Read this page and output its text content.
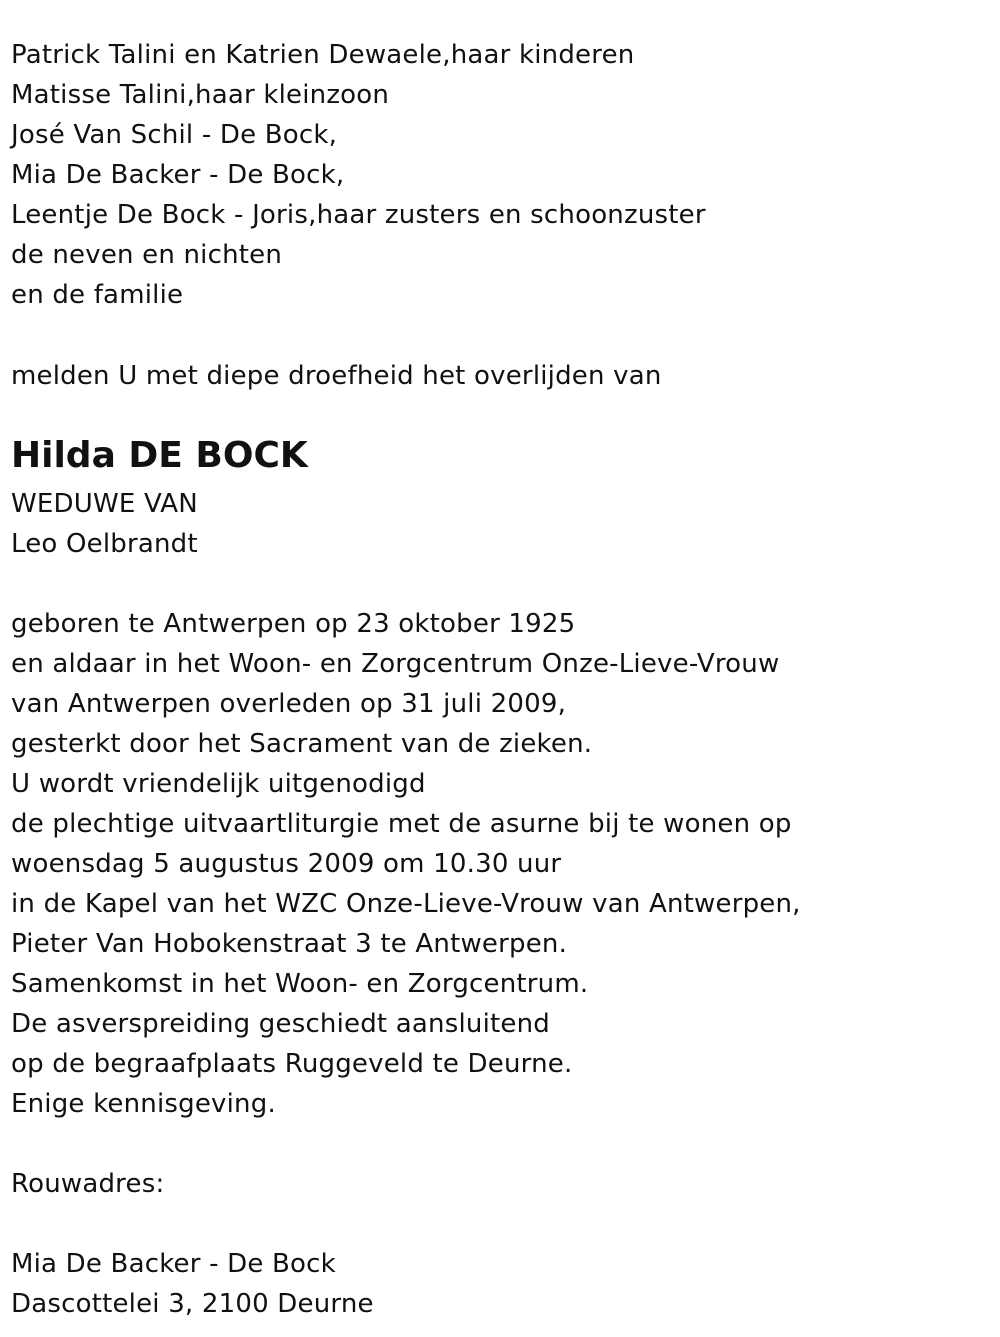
Patrick Talini en Katrien Dewaele,haar kinderen
Matisse Talini,haar kleinzoon
José Van Schil - De Bock,
Mia De Backer - De Bock,
Leentje De Bock - Joris,haar zusters en schoonzuster
de neven en nichten
en de familie
melden U met diepe droefheid het overlijden van
Hilda DE BOCK
WEDUWE VAN
Leo Oelbrandt
geboren te Antwerpen op 23 oktober 1925
en aldaar in het Woon- en Zorgcentrum Onze-Lieve-Vrouw
van Antwerpen overleden op 31 juli 2009,
gesterkt door het Sacrament van de zieken.
U wordt vriendelijk uitgenodigd
de plechtige uitvaartliturgie met de asurne bij te wonen op
woensdag 5 augustus 2009 om 10.30 uur
in de Kapel van het WZC Onze-Lieve-Vrouw van Antwerpen,
Pieter Van Hobokenstraat 3 te Antwerpen.
Samenkomst in het Woon- en Zorgcentrum.
De asverspreiding geschiedt aansluitend
op de begraafplaats Ruggeveld te Deurne.
Enige kennisgeving.
Rouwadres:
Mia De Backer - De Bock
Dascottelei 3, 2100 Deurne
